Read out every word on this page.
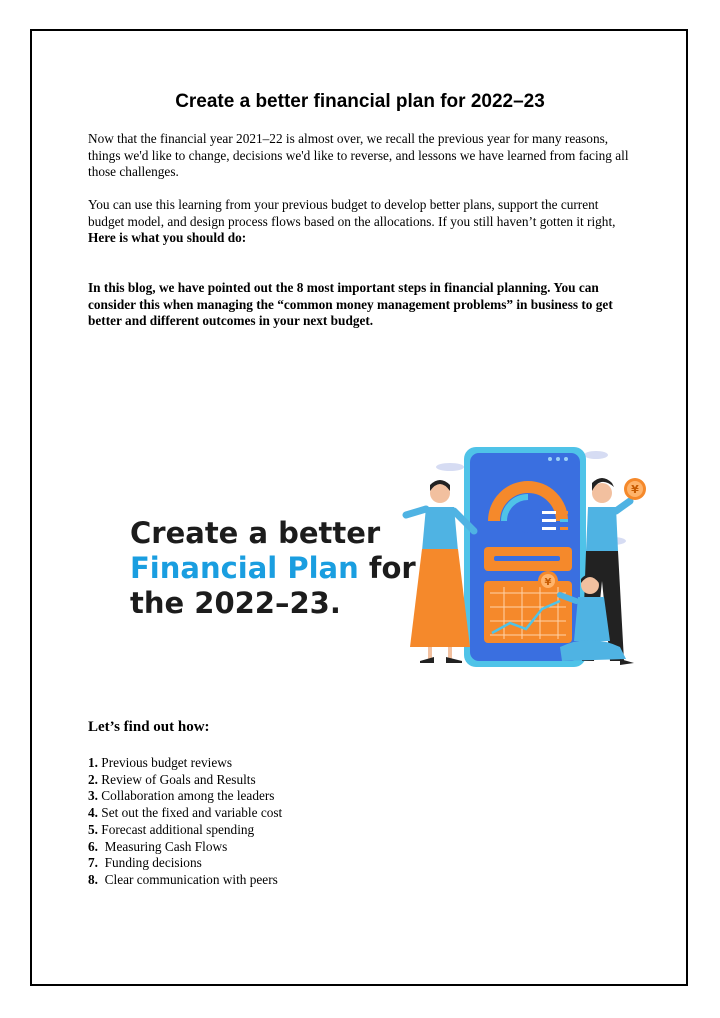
Create a better financial plan for 2022–23

Now that the financial year 2021–22 is almost over, we recall the previous year for many reasons, things we'd like to change, decisions we'd like to reverse, and lessons we have learned from facing all those challenges.

You can use this learning from your previous budget to develop better plans, support the current budget model, and design process flows based on the allocations. If you still haven’t gotten it right, Here is what you should do:

In this blog, we have pointed out the 8 most important steps in financial planning. You can consider this when managing the “common money management problems” in business to get better and different outcomes in your next budget.

Create a better
Financial Plan for
the 2022–23.
¥
¥
Let’s find out how:
1. Previous budget reviews
2. Review of Goals and Results
3. Collaboration among the leaders
4. Set out the fixed and variable cost
5. Forecast additional spending
6.  Measuring Cash Flows
7.  Funding decisions
8.  Clear communication with peers
